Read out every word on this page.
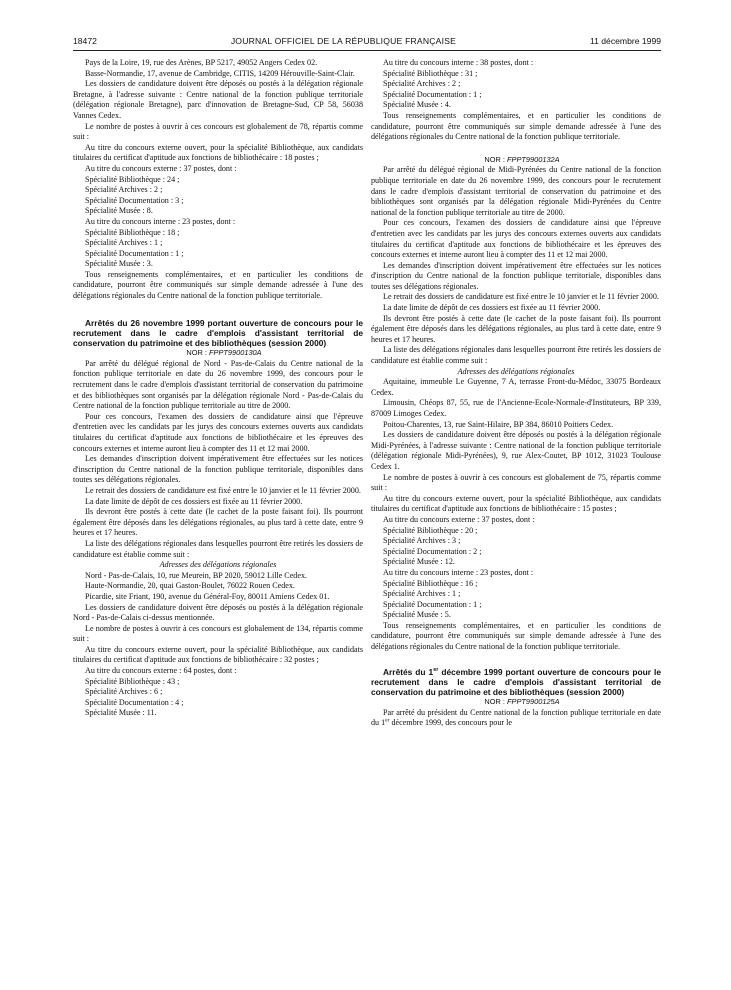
18472	JOURNAL OFFICIEL DE LA RÉPUBLIQUE FRANÇAISE	11 décembre 1999

Pays de la Loire, 19, rue des Arènes, BP 5217, 49052 Angers Cedex 02.

Basse-Normandie, 17, avenue de Cambridge, CITIS, 14209 Hérouville-Saint-Clair.

Les dossiers de candidature doivent être déposés ou postés à la délégation régionale Bretagne, à l'adresse suivante : Centre national de la fonction publique territoriale (délégation régionale Bretagne), parc d'innovation de Bretagne-Sud, CP 58, 56038 Vannes Cedex.

Le nombre de postes à ouvrir à ces concours est globalement de 78, répartis comme suit :

Au titre du concours externe ouvert, pour la spécialité Bibliothèque, aux candidats titulaires du certificat d'aptitude aux fonctions de bibliothécaire : 18 postes ;

Au titre du concours externe : 37 postes, dont :

Spécialité Bibliothèque : 24 ;

Spécialité Archives : 2 ;

Spécialité Documentation : 3 ;

Spécialité Musée : 8.

Au titre du concours interne : 23 postes, dont :

Spécialité Bibliothèque : 18 ;

Spécialité Archives : 1 ;

Spécialité Documentation : 1 ;

Spécialité Musée : 3.

Tous renseignements complémentaires, et en particulier les conditions de candidature, pourront être communiqués sur simple demande adressée à l'une des délégations régionales du Centre national de la fonction publique territoriale.

Arrêtés du 26 novembre 1999 portant ouverture de concours pour le recrutement dans le cadre d'emplois d'assistant territorial de conservation du patrimoine et des bibliothèques (session 2000)

NOR : FPPT9900130A

Par arrêté du délégué régional de Nord - Pas-de-Calais du Centre national de la fonction publique territoriale en date du 26 novembre 1999, des concours pour le recrutement dans le cadre d'emplois d'assistant territorial de conservation du patrimoine et des bibliothèques sont organisés par la délégation régionale Nord - Pas-de-Calais du Centre national de la fonction publique territoriale au titre de 2000.

Pour ces concours, l'examen des dossiers de candidature ainsi que l'épreuve d'entretien avec les candidats par les jurys des concours externes ouverts aux candidats titulaires du certificat d'aptitude aux fonctions de bibliothécaire et les épreuves des concours externes et interne auront lieu à compter des 11 et 12 mai 2000.

Les demandes d'inscription doivent impérativement être effectuées sur les notices d'inscription du Centre national de la fonction publique territoriale, disponibles dans toutes ses délégations régionales.

Le retrait des dossiers de candidature est fixé entre le 10 janvier et le 11 février 2000.

La date limite de dépôt de ces dossiers est fixée au 11 février 2000.

Ils devront être postés à cette date (le cachet de la poste faisant foi). Ils pourront également être déposés dans les délégations régionales, au plus tard à cette date, entre 9 heures et 17 heures.

La liste des délégations régionales dans lesquelles pourront être retirés les dossiers de candidature est établie comme suit :

Adresses des délégations régionales

Nord - Pas-de-Calais, 10, rue Meurein, BP 2020, 59012 Lille Cedex.

Haute-Normandie, 20, quai Gaston-Boulet, 76022 Rouen Cedex.

Picardie, site Friant, 190, avenue du Général-Foy, 80011 Amiens Cedex 01.

Les dossiers de candidature doivent être déposés ou postés à la délégation régionale Nord - Pas-de-Calais ci-dessus mentionnée.

Le nombre de postes à ouvrir à ces concours est globalement de 134, répartis comme suit :

Au titre du concours externe ouvert, pour la spécialité Bibliothèque, aux candidats titulaires du certificat d'aptitude aux fonctions de bibliothécaire : 32 postes ;

Au titre du concours externe : 64 postes, dont :

Spécialité Bibliothèque : 43 ;

Spécialité Archives : 6 ;

Spécialité Documentation : 4 ;

Spécialité Musée : 11.

Au titre du concours interne : 38 postes, dont :

Spécialité Bibliothèque : 31 ;

Spécialité Archives : 2 ;

Spécialité Documentation : 1 ;

Spécialité Musée : 4.

Tous renseignements complémentaires, et en particulier les conditions de candidature, pourront être communiqués sur simple demande adressée à l'une des délégations régionales du Centre national de la fonction publique territoriale.

NOR : FPPT9900132A

Par arrêté du délégué régional de Midi-Pyrénées du Centre national de la fonction publique territoriale en date du 26 novembre 1999, des concours pour le recrutement dans le cadre d'emplois d'assistant territorial de conservation du patrimoine et des bibliothèques sont organisés par la délégation régionale Midi-Pyrénées du Centre national de la fonction publique territoriale au titre de 2000.

Pour ces concours, l'examen des dossiers de candidature ainsi que l'épreuve d'entretien avec les candidats par les jurys des concours externes ouverts aux candidats titulaires du certificat d'aptitude aux fonctions de bibliothécaire et les épreuves des concours externes et interne auront lieu à compter des 11 et 12 mai 2000.

Les demandes d'inscription doivent impérativement être effectuées sur les notices d'inscription du Centre national de la fonction publique territoriale, disponibles dans toutes ses délégations régionales.

Le retrait des dossiers de candidature est fixé entre le 10 janvier et le 11 février 2000.

La date limite de dépôt de ces dossiers est fixée au 11 février 2000.

Ils devront être postés à cette date (le cachet de la poste faisant foi). Ils pourront également être déposés dans les délégations régionales, au plus tard à cette date, entre 9 heures et 17 heures.

La liste des délégations régionales dans lesquelles pourront être retirés les dossiers de candidature est établie comme suit :

Adresses des délégations régionales

Aquitaine, immeuble Le Guyenne, 7 A, terrasse Front-du-Médoc, 33075 Bordeaux Cedex.

Limousin, Chéops 87, 55, rue de l'Ancienne-Ecole-Normale-d'Instituteurs, BP 339, 87009 Limoges Cedex.

Poitou-Charentes, 13, rue Saint-Hilaire, BP 384, 86010 Poitiers Cedex.

Les dossiers de candidature doivent être déposés ou postés à la délégation régionale Midi-Pyrénées, à l'adresse suivante : Centre national de la fonction publique territoriale (délégation régionale Midi-Pyrénées), 9, rue Alex-Coutet, BP 1012, 31023 Toulouse Cedex 1.

Le nombre de postes à ouvrir à ces concours est globalement de 75, répartis comme suit :

Au titre du concours externe ouvert, pour la spécialité Bibliothèque, aux candidats titulaires du certificat d'aptitude aux fonctions de bibliothécaire : 15 postes ;

Au titre du concours externe : 37 postes, dont :

Spécialité Bibliothèque : 20 ;

Spécialité Archives : 3 ;

Spécialité Documentation : 2 ;

Spécialité Musée : 12.

Au titre du concours interne : 23 postes, dont :

Spécialité Bibliothèque : 16 ;

Spécialité Archives : 1 ;

Spécialité Documentation : 1 ;

Spécialité Musée : 5.

Tous renseignements complémentaires, et en particulier les conditions de candidature, pourront être communiqués sur simple demande adressée à l'une des délégations régionales du Centre national de la fonction publique territoriale.

Arrêtés du 1er décembre 1999 portant ouverture de concours pour le recrutement dans le cadre d'emplois d'assistant territorial de conservation du patrimoine et des bibliothèques (session 2000)

NOR : FPPT9900125A

Par arrêté du président du Centre national de la fonction publique territoriale en date du 1er décembre 1999, des concours pour le
